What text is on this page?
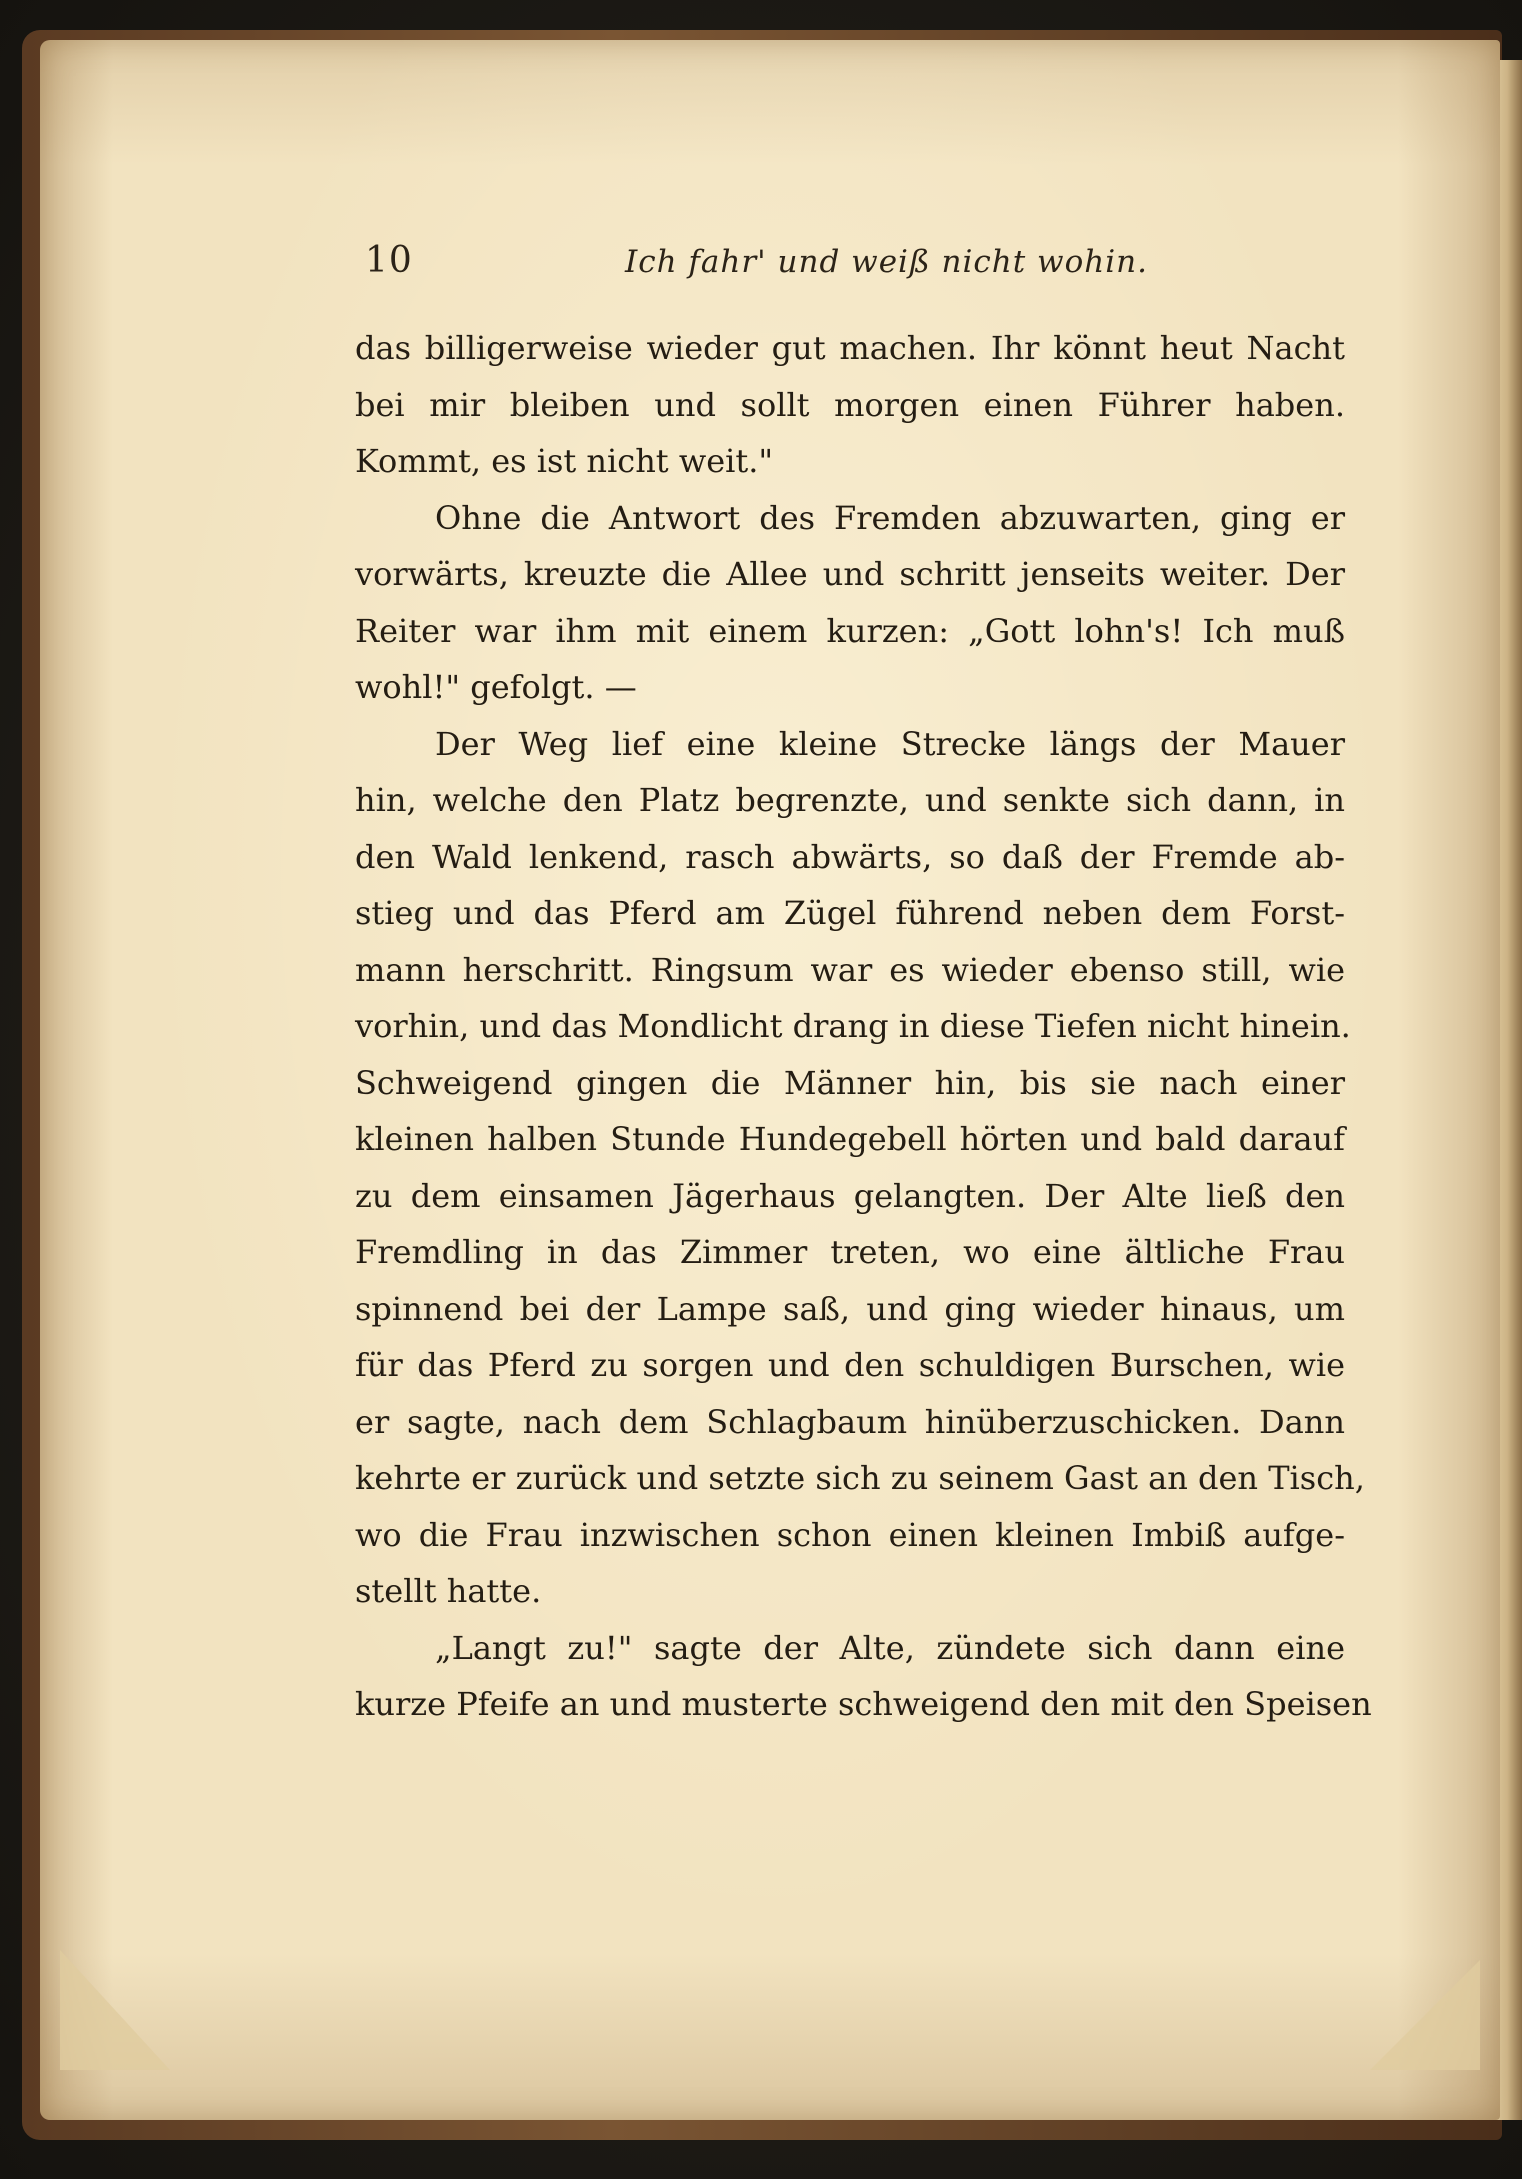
10	Ich fahr' und weiß nicht wohin.
das billigerweise wieder gut machen. Ihr könnt heut Nacht
bei mir bleiben und sollt morgen einen Führer haben.
Kommt, es ist nicht weit."
Ohne die Antwort des Fremden abzuwarten, ging er
vorwärts, kreuzte die Allee und schritt jenseits weiter. Der
Reiter war ihm mit einem kurzen: „Gott lohn's! Ich muß
wohl!" gefolgt. —
Der Weg lief eine kleine Strecke längs der Mauer
hin, welche den Platz begrenzte, und senkte sich dann, in
den Wald lenkend, rasch abwärts, so daß der Fremde ab-
stieg und das Pferd am Zügel führend neben dem Forst-
mann herschritt. Ringsum war es wieder ebenso still, wie
vorhin, und das Mondlicht drang in diese Tiefen nicht hinein.
Schweigend gingen die Männer hin, bis sie nach einer
kleinen halben Stunde Hundegebell hörten und bald darauf
zu dem einsamen Jägerhaus gelangten. Der Alte ließ den
Fremdling in das Zimmer treten, wo eine ältliche Frau
spinnend bei der Lampe saß, und ging wieder hinaus, um
für das Pferd zu sorgen und den schuldigen Burschen, wie
er sagte, nach dem Schlagbaum hinüberzuschicken. Dann
kehrte er zurück und setzte sich zu seinem Gast an den Tisch,
wo die Frau inzwischen schon einen kleinen Imbiß aufge-
stellt hatte.
„Langt zu!" sagte der Alte, zündete sich dann eine
kurze Pfeife an und musterte schweigend den mit den Speisen
